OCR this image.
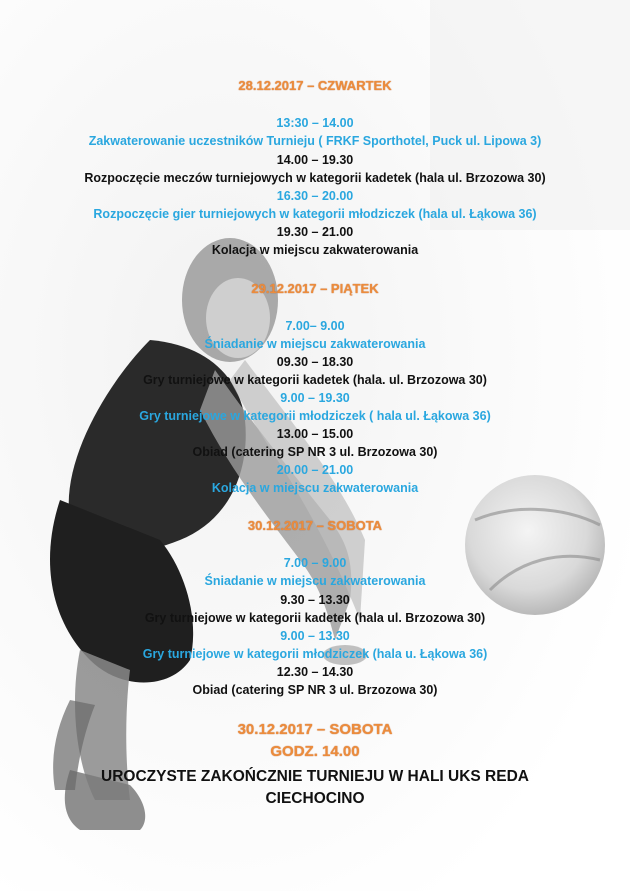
28.12.2017 – CZWARTEK
13:30 – 14.00
Zakwaterowanie uczestników Turnieju ( FRKF Sporthotel, Puck ul. Lipowa 3)
14.00 – 19.30
Rozpoczęcie meczów turniejowych w kategorii kadetek (hala ul. Brzozowa 30)
16.30 – 20.00
Rozpoczęcie gier turniejowych w kategorii młodziczek (hala ul. Łąkowa 36)
19.30 – 21.00
Kolacja w miejscu zakwaterowania
29.12.2017 – PIĄTEK
7.00– 9.00
Śniadanie w miejscu zakwaterowania
09.30 – 18.30
Gry turniejowe w kategorii kadetek (hala. ul. Brzozowa 30)
9.00 – 19.30
Gry turniejowe w kategorii młodziczek ( hala ul. Łąkowa 36)
13.00 – 15.00
Obiad (catering SP NR 3 ul. Brzozowa 30)
20.00 – 21.00
Kolacja w miejscu zakwaterowania
30.12.2017 – SOBOTA
7.00 – 9.00
Śniadanie w miejscu zakwaterowania
9.30 – 13.30
Gry turniejowe w kategorii kadetek (hala ul. Brzozowa 30)
9.00 – 13.30
Gry turniejowe w kategorii młodziczek (hala u. Łąkowa 36)
12.30 – 14.30
Obiad (catering SP NR 3 ul. Brzozowa 30)
30.12.2017 – SOBOTA
GODZ. 14.00
UROCZYSTE ZAKOŃCZNIE TURNIEJU W HALI UKS REDA
CIECHOCINO
